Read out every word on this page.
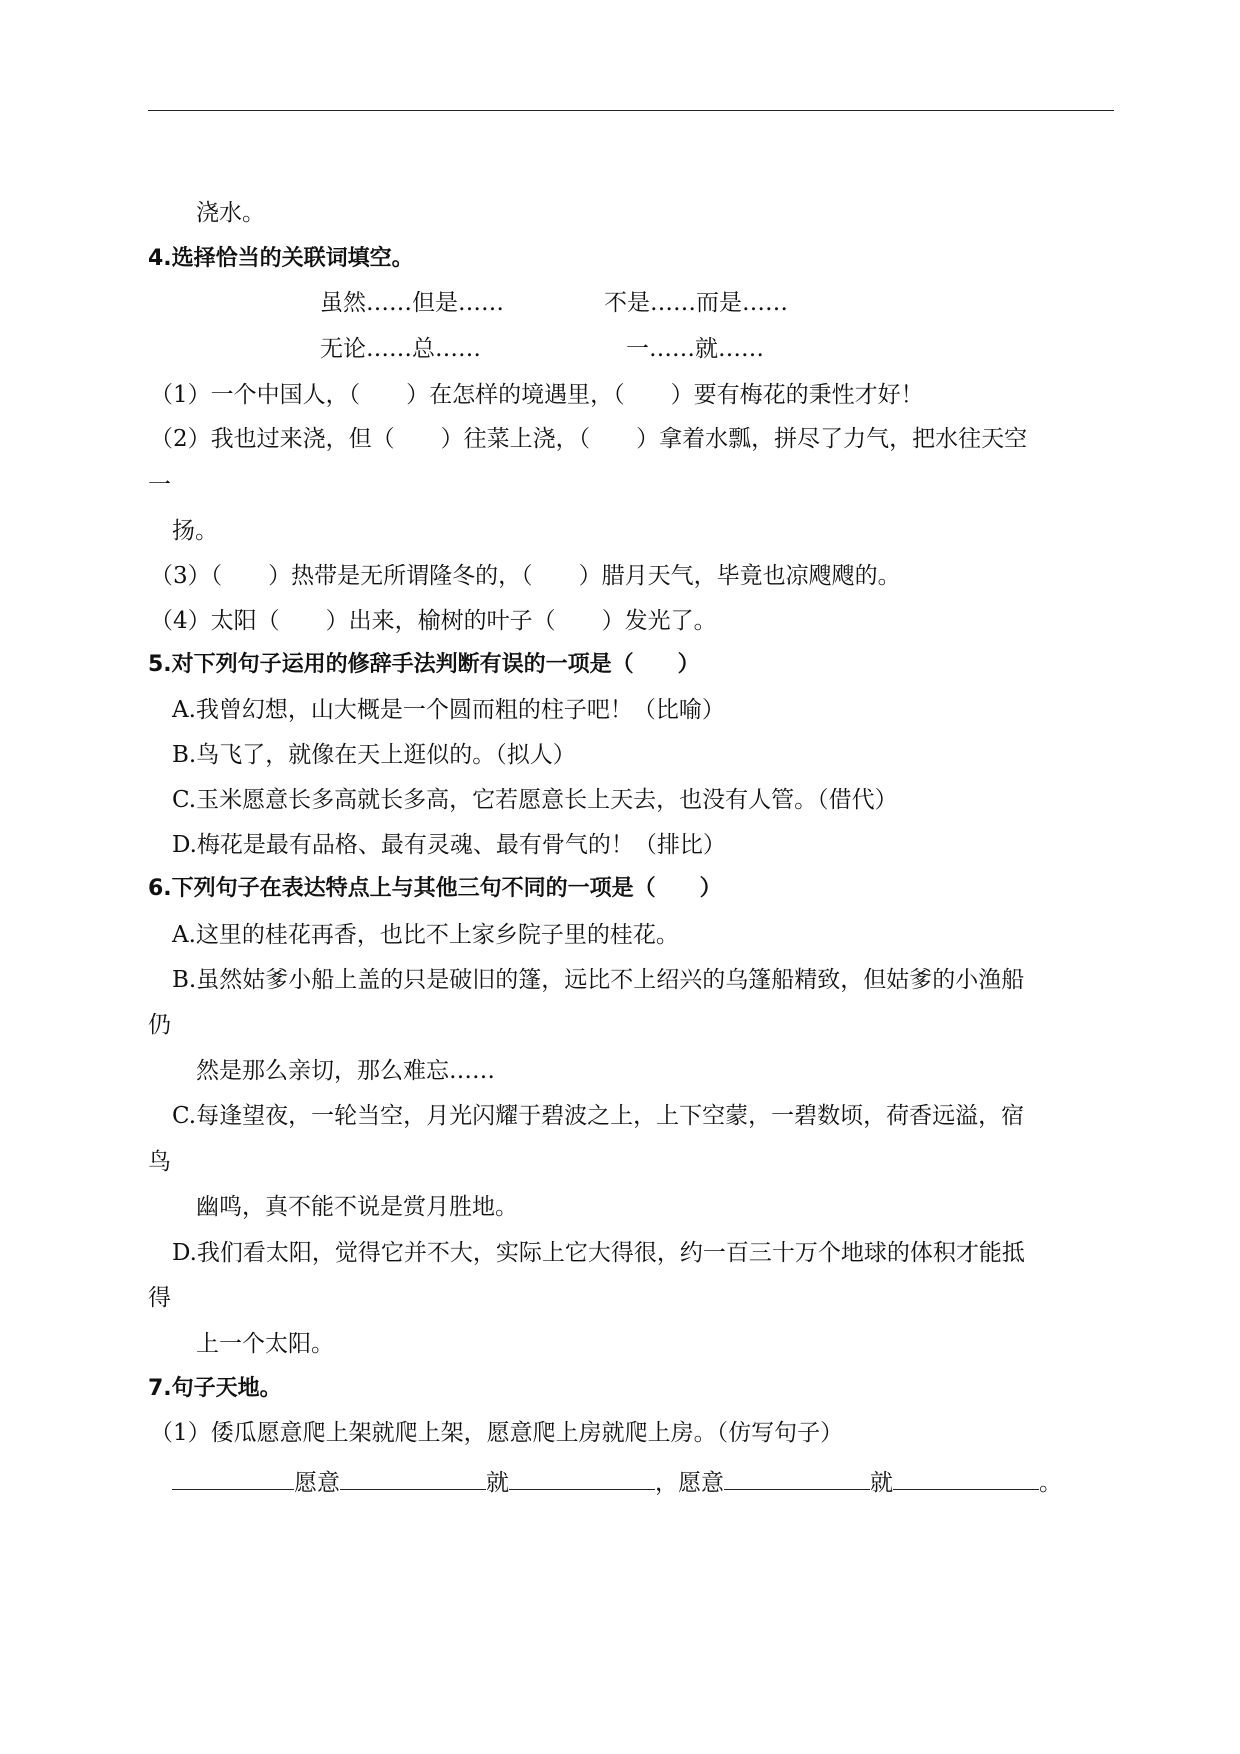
浇水。
4.选择恰当的关联词填空。
虽然……但是……	不是……而是……
无论……总……	一……就……
（1）一个中国人，（　　）在怎样的境遇里，（　　）要有梅花的秉性才好！
（2）我也过来浇，但（　　）往菜上浇，（　　）拿着水瓢，拼尽了力气，把水往天空
一
扬。
（3）（　　）热带是无所谓隆冬的，（　　）腊月天气，毕竟也凉飕飕的。
（4）太阳（　　）出来，榆树的叶子（　　）发光了。
5.对下列句子运用的修辞手法判断有误的一项是（　　）
A.我曾幻想，山大概是一个圆而粗的柱子吧！（比喻）
B.鸟飞了，就像在天上逛似的。（拟人）
C.玉米愿意长多高就长多高，它若愿意长上天去，也没有人管。（借代）
D.梅花是最有品格、最有灵魂、最有骨气的！（排比）
6.下列句子在表达特点上与其他三句不同的一项是（　　）
A.这里的桂花再香，也比不上家乡院子里的桂花。
B.虽然姑爹小船上盖的只是破旧的篷，远比不上绍兴的乌篷船精致，但姑爹的小渔船
仍
然是那么亲切，那么难忘……
C.每逢望夜，一轮当空，月光闪耀于碧波之上，上下空蒙，一碧数顷，荷香远溢，宿
鸟
幽鸣，真不能不说是赏月胜地。
D.我们看太阳，觉得它并不大，实际上它大得很，约一百三十万个地球的体积才能抵
得
上一个太阳。
7.句子天地。
（1）倭瓜愿意爬上架就爬上架，愿意爬上房就爬上房。（仿写句子）
愿意	就	，愿意	就	。
